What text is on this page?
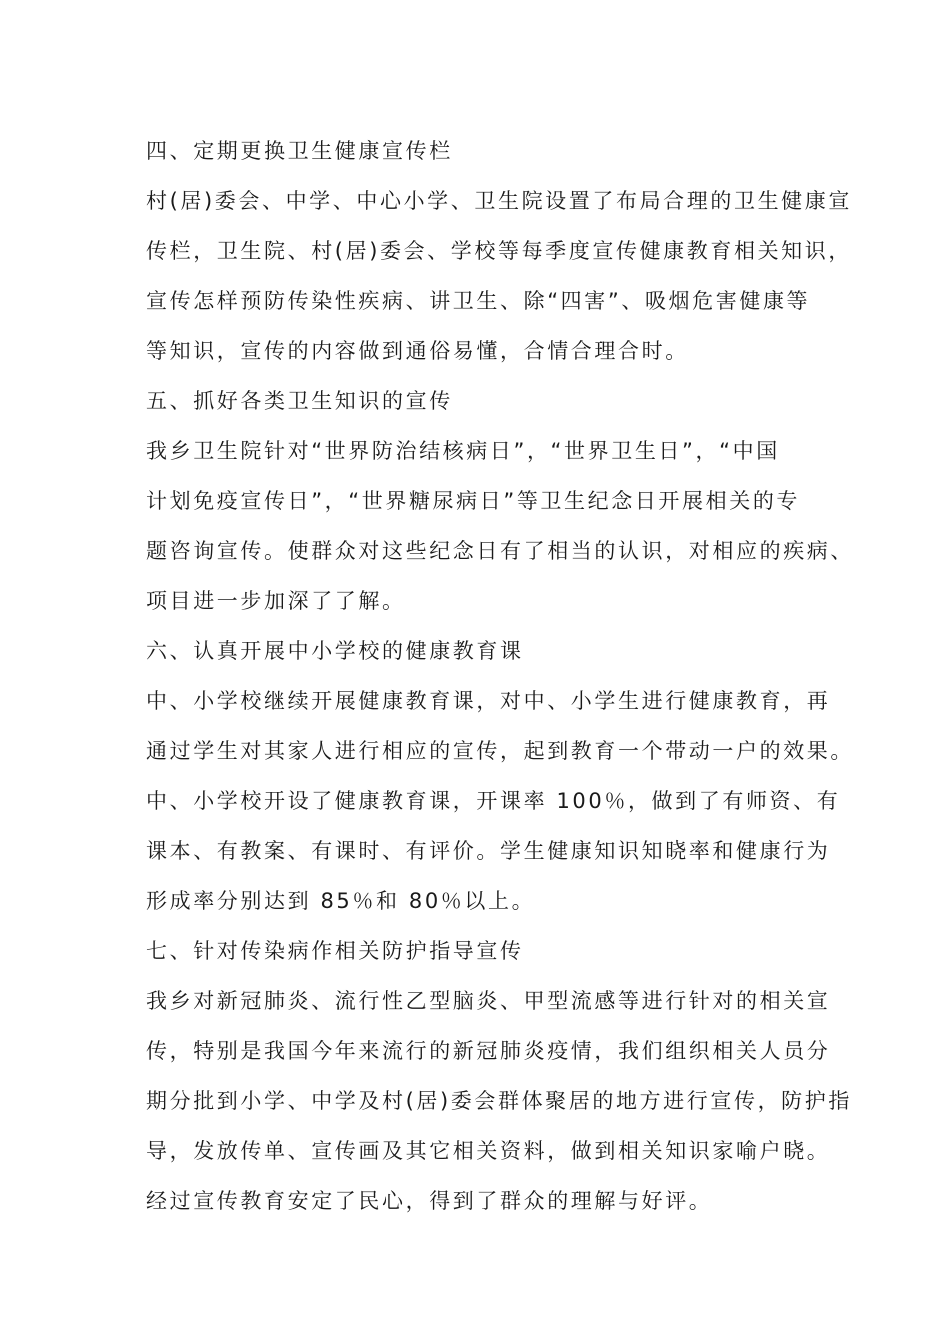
四、定期更换卫生健康宣传栏
村(居)委会、中学、中心小学、卫生院设置了布局合理的卫生健康宣
传栏，卫生院、村(居)委会、学校等每季度宣传健康教育相关知识，
宣传怎样预防传染性疾病、讲卫生、除“四害”、吸烟危害健康等
等知识，宣传的内容做到通俗易懂，合情合理合时。
五、抓好各类卫生知识的宣传
我乡卫生院针对“世界防治结核病日”，“世界卫生日”，“中国
计划免疫宣传日”，“世界糖尿病日”等卫生纪念日开展相关的专
题咨询宣传。使群众对这些纪念日有了相当的认识，对相应的疾病、
项目进一步加深了了解。
六、认真开展中小学校的健康教育课
中、小学校继续开展健康教育课，对中、小学生进行健康教育，再
通过学生对其家人进行相应的宣传，起到教育一个带动一户的效果。
中、小学校开设了健康教育课，开课率 100％，做到了有师资、有
课本、有教案、有课时、有评价。学生健康知识知晓率和健康行为
形成率分别达到 85％和 80％以上。
七、针对传染病作相关防护指导宣传
我乡对新冠肺炎、流行性乙型脑炎、甲型流感等进行针对的相关宣
传，特别是我国今年来流行的新冠肺炎疫情，我们组织相关人员分
期分批到小学、中学及村(居)委会群体聚居的地方进行宣传，防护指
导，发放传单、宣传画及其它相关资料，做到相关知识家喻户晓。
经过宣传教育安定了民心，得到了群众的理解与好评。
